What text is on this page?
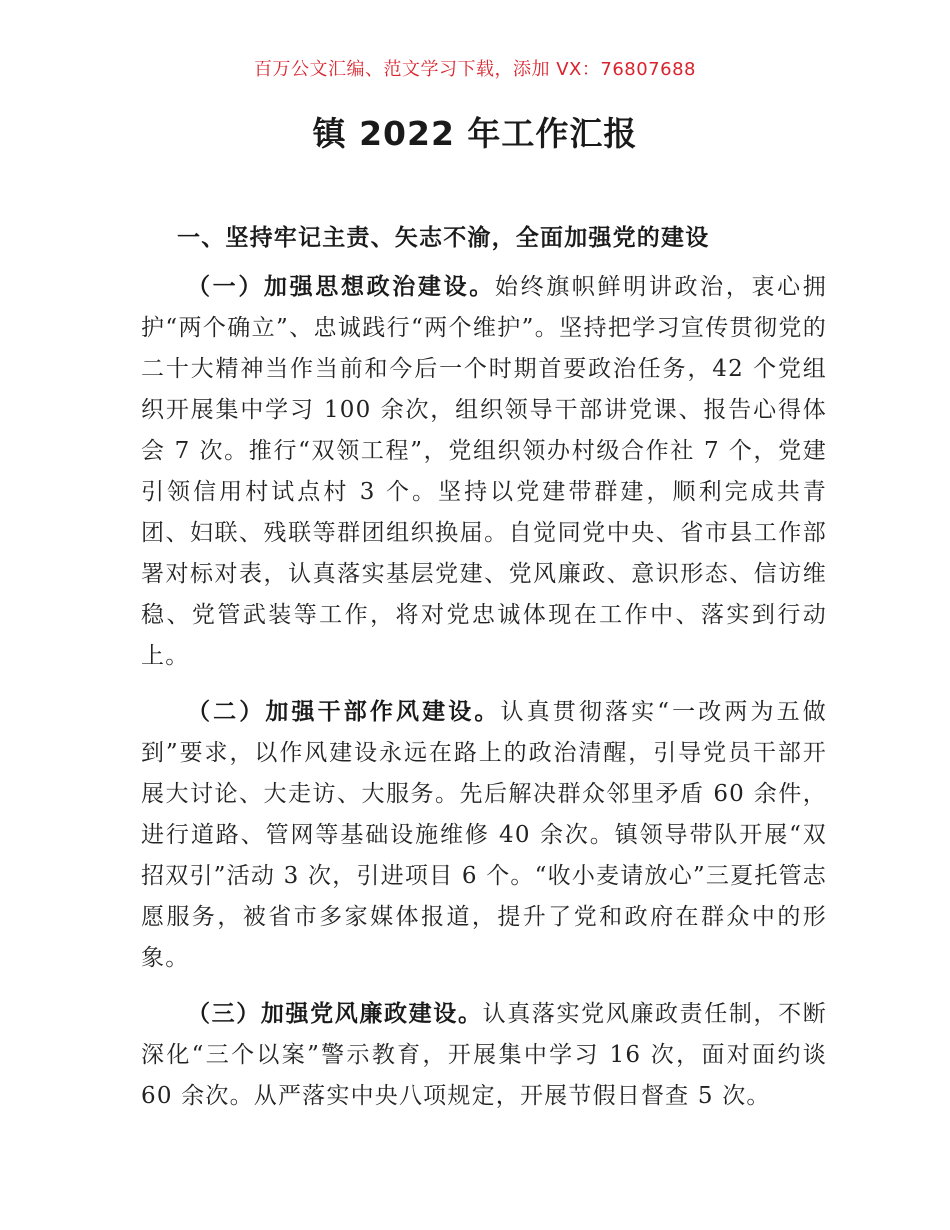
百万公文汇编、范文学习下载，添加 VX：76807688
镇 2022 年工作汇报
一、坚持牢记主责、矢志不渝，全面加强党的建设

（一）加强思想政治建设。始终旗帜鲜明讲政治，衷心拥护“两个确立”、忠诚践行“两个维护”。坚持把学习宣传贯彻党的二十大精神当作当前和今后一个时期首要政治任务，42 个党组织开展集中学习 100 余次，组织领导干部讲党课、报告心得体会 7 次。推行“双领工程”，党组织领办村级合作社 7 个，党建引领信用村试点村 3 个。坚持以党建带群建，顺利完成共青团、妇联、残联等群团组织换届。自觉同党中央、省市县工作部署对标对表，认真落实基层党建、党风廉政、意识形态、信访维稳、党管武装等工作，将对党忠诚体现在工作中、落实到行动上。

（二）加强干部作风建设。认真贯彻落实“一改两为五做到”要求，以作风建设永远在路上的政治清醒，引导党员干部开展大讨论、大走访、大服务。先后解决群众邻里矛盾 60 余件，进行道路、管网等基础设施维修 40 余次。镇领导带队开展“双招双引”活动 3 次，引进项目 6 个。“收小麦请放心”三夏托管志愿服务，被省市多家媒体报道，提升了党和政府在群众中的形象。

（三）加强党风廉政建设。认真落实党风廉政责任制，不断深化“三个以案”警示教育，开展集中学习 16 次，面对面约谈 60 余次。从严落实中央八项规定，开展节假日督查 5 次。
